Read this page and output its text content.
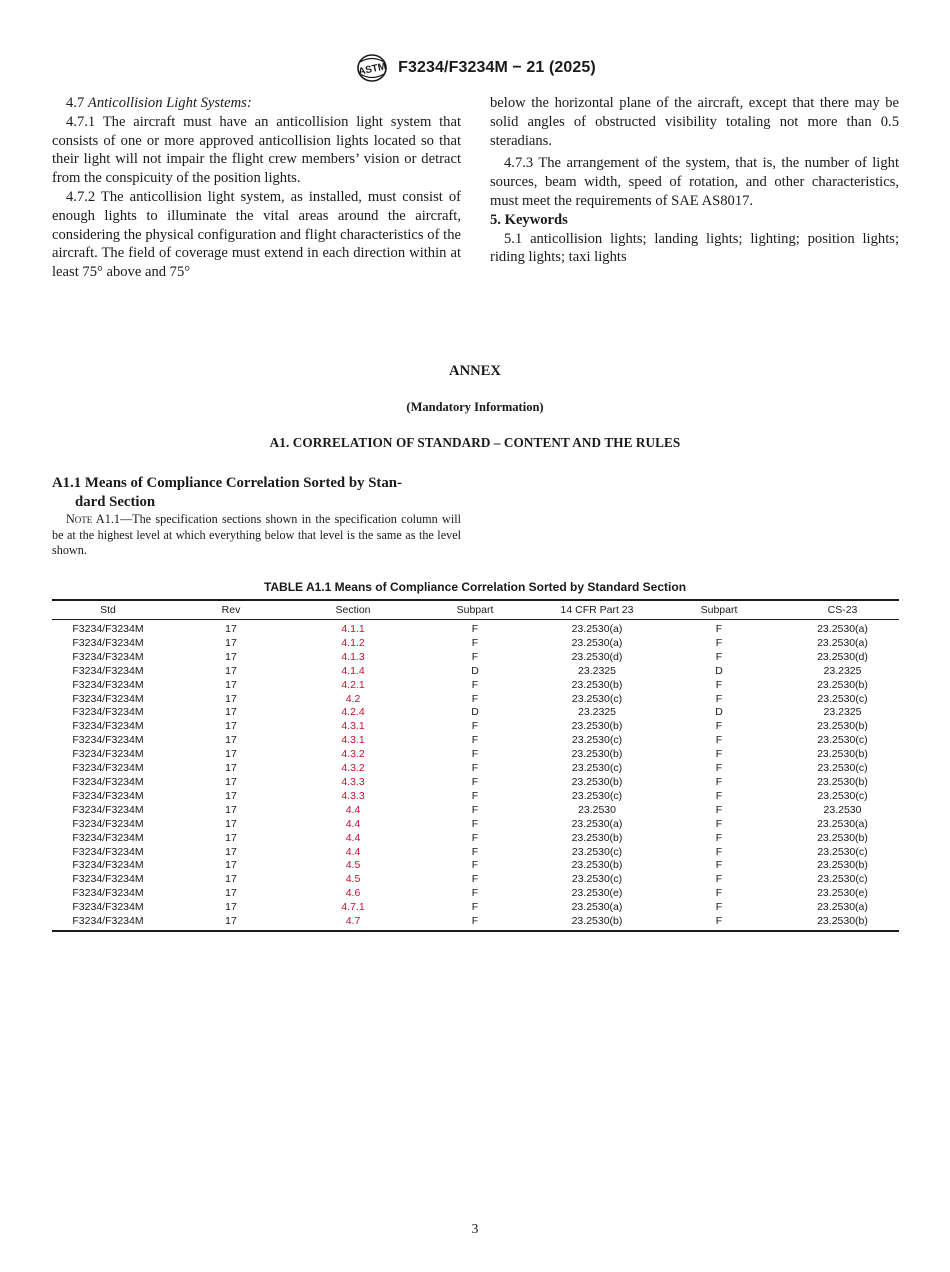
ASTM F3234/F3234M − 21 (2025)

4.7 Anticollision Light Systems:

4.7.1 The aircraft must have an anticollision light system that consists of one or more approved anticollision lights located so that their light will not impair the flight crew members’ vision or detract from the conspicuity of the position lights.

4.7.2 The anticollision light system, as installed, must consist of enough lights to illuminate the vital areas around the aircraft, considering the physical configuration and flight characteristics of the aircraft. The field of coverage must extend in each direction within at least 75° above and 75°

below the horizontal plane of the aircraft, except that there may be solid angles of obstructed visibility totaling not more than 0.5 steradians.

4.7.3 The arrangement of the system, that is, the number of light sources, beam width, speed of rotation, and other characteristics, must meet the requirements of SAE AS8017.

5. Keywords

5.1 anticollision lights; landing lights; lighting; position lights; riding lights; taxi lights

ANNEX
(Mandatory Information)
A1. CORRELATION OF STANDARD – CONTENT AND THE RULES
A1.1 Means of Compliance Correlation Sorted by Stan-
dard Section

Note A1.1—The specification sections shown in the specification column will be at the highest level at which everything below that level is the same as the level shown.

TABLE A1.1 Means of Compliance Correlation Sorted by Standard Section
Std	Rev	Section	Subpart	14 CFR Part 23	Subpart	CS-23
F3234/F3234M	17	4.1.1	F	23.2530(a)	F	23.2530(a)
F3234/F3234M	17	4.1.2	F	23.2530(a)	F	23.2530(a)
F3234/F3234M	17	4.1.3	F	23.2530(d)	F	23.2530(d)
F3234/F3234M	17	4.1.4	D	23.2325	D	23.2325
F3234/F3234M	17	4.2.1	F	23.2530(b)	F	23.2530(b)
F3234/F3234M	17	4.2	F	23.2530(c)	F	23.2530(c)
F3234/F3234M	17	4.2.4	D	23.2325	D	23.2325
F3234/F3234M	17	4.3.1	F	23.2530(b)	F	23.2530(b)
F3234/F3234M	17	4.3.1	F	23.2530(c)	F	23.2530(c)
F3234/F3234M	17	4.3.2	F	23.2530(b)	F	23.2530(b)
F3234/F3234M	17	4.3.2	F	23.2530(c)	F	23.2530(c)
F3234/F3234M	17	4.3.3	F	23.2530(b)	F	23.2530(b)
F3234/F3234M	17	4.3.3	F	23.2530(c)	F	23.2530(c)
F3234/F3234M	17	4.4	F	23.2530	F	23.2530
F3234/F3234M	17	4.4	F	23.2530(a)	F	23.2530(a)
F3234/F3234M	17	4.4	F	23.2530(b)	F	23.2530(b)
F3234/F3234M	17	4.4	F	23.2530(c)	F	23.2530(c)
F3234/F3234M	17	4.5	F	23.2530(b)	F	23.2530(b)
F3234/F3234M	17	4.5	F	23.2530(c)	F	23.2530(c)
F3234/F3234M	17	4.6	F	23.2530(e)	F	23.2530(e)
F3234/F3234M	17	4.7.1	F	23.2530(a)	F	23.2530(a)
F3234/F3234M	17	4.7	F	23.2530(b)	F	23.2530(b)
3
